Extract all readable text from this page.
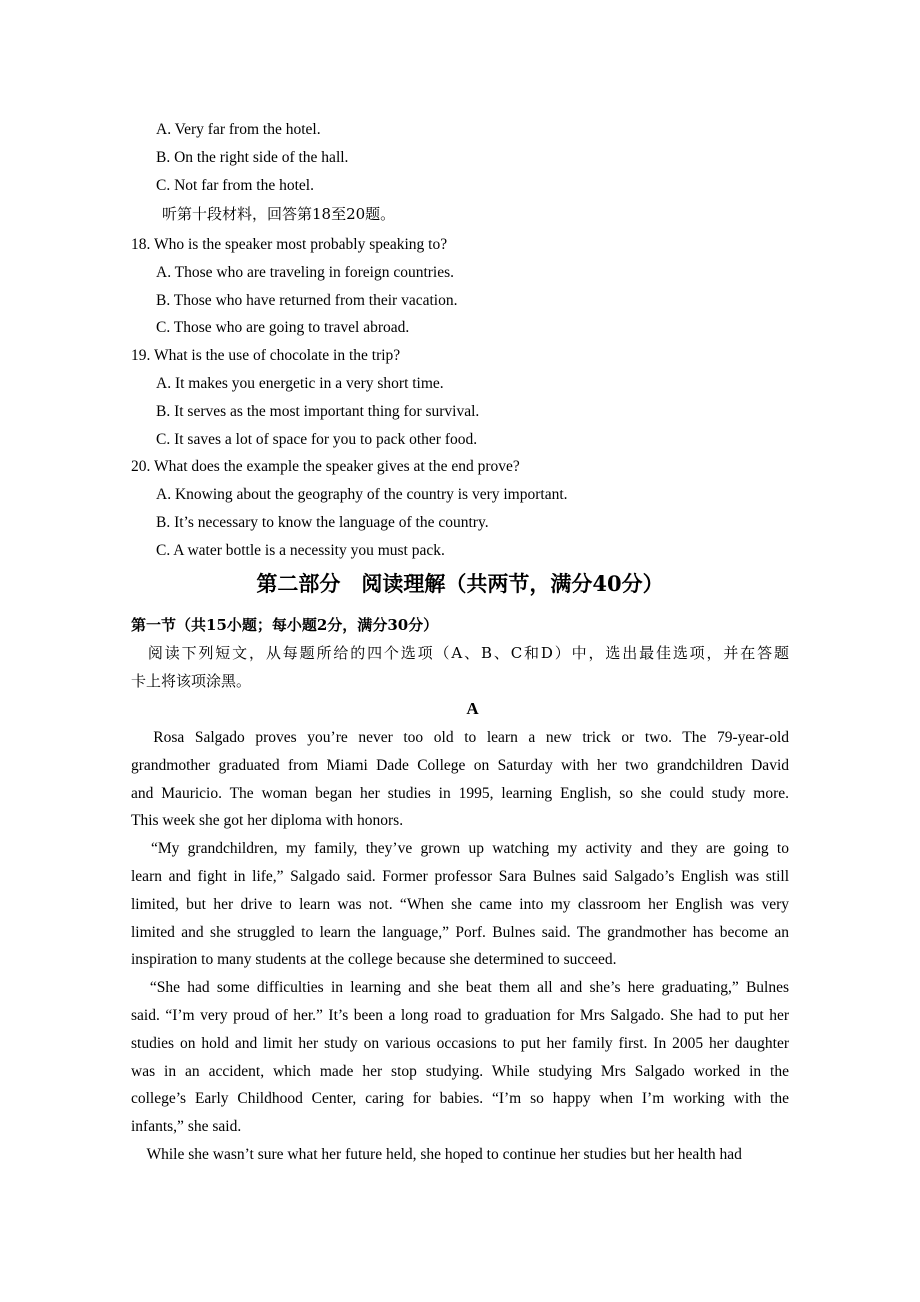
A. Very far from the hotel.
B. On the right side of the hall.
C. Not far from the hotel.
听第十段材料，回答第18至20题。
18. Who is the speaker most probably speaking to?
A. Those who are traveling in foreign countries.
B. Those who have returned from their vacation.
C. Those who are going to travel abroad.
19. What is the use of chocolate in the trip?
A. It makes you energetic in a very short time.
B. It serves as the most important thing for survival.
C. It saves a lot of space for you to pack other food.
20. What does the example the speaker gives at the end prove?
A. Knowing about the geography of the country is very important.
B. It’s necessary to know the language of the country.
C. A water bottle is a necessity you must pack.
第二部分　阅读理解（共两节，满分40分）
第一节（共15小题；每小题2分，满分30分）
　阅读下列短文，从每题所给的四个选项（A、B、C和D）中，选出最佳选项，并在答题
卡上将该项涂黑。
A
　Rosa Salgado proves you’re never too old to learn a new trick or two. The 79-year-old
grandmother graduated from Miami Dade College on Saturday with her two grandchildren David
and Mauricio. The woman began her studies in 1995, learning English, so she could study more.
This week she got her diploma with honors.
　“My grandchildren, my family, they’ve grown up watching my activity and they are going to
learn and fight in life,” Salgado said. Former professor Sara Bulnes said Salgado’s English was still
limited, but her drive to learn was not. “When she came into my classroom her English was very
limited and she struggled to learn the language,” Porf. Bulnes said. The grandmother has become an
inspiration to many students at the college because she determined to succeed.
　“She had some difficulties in learning and she beat them all and she’s here graduating,” Bulnes
said. “I’m very proud of her.” It’s been a long road to graduation for Mrs Salgado. She had to put her
studies on hold and limit her study on various occasions to put her family first. In 2005 her daughter
was in an accident, which made her stop studying. While studying Mrs Salgado worked in the
college’s Early Childhood Center, caring for babies. “I’m so happy when I’m working with the
infants,” she said.
　While she wasn’t sure what her future held, she hoped to continue her studies but her health had
